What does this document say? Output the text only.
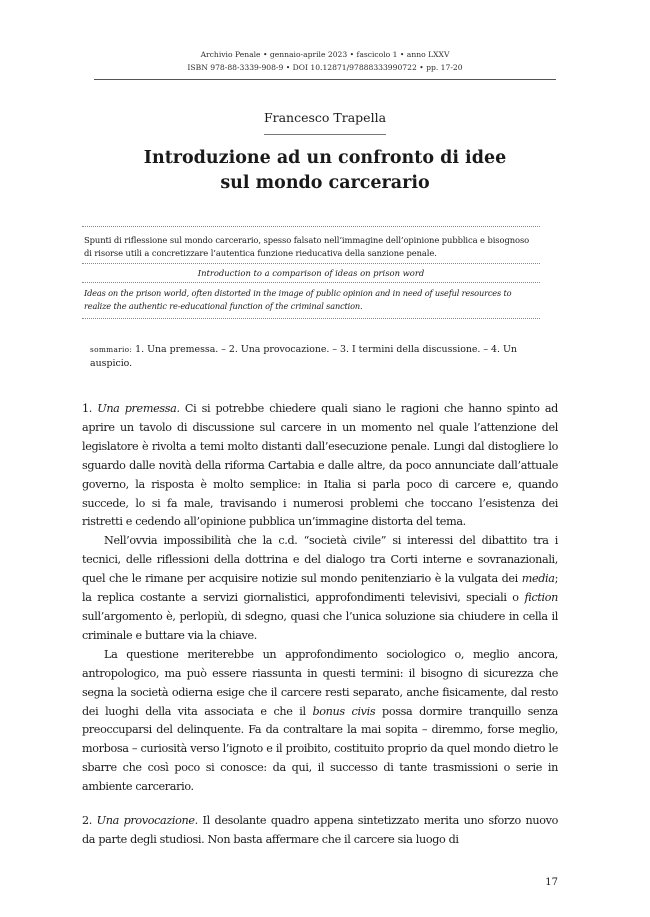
Archivio Penale • gennaio-aprile 2023 • fascicolo 1 • anno LXXV
ISBN 978-88-3339-908-9 • DOI 10.12871/97888333990722 • pp. 17-20
Francesco Trapella
Introduzione ad un confronto di idee
sul mondo carcerario
Spunti di riflessione sul mondo carcerario, spesso falsato nell’immagine dell’opinione pubblica e bisognoso di risorse utili a concretizzare l’autentica funzione rieducativa della sanzione penale.
Introduction to a comparison of ideas on prison word
Ideas on the prison world, often distorted in the image of public opinion and in need of useful resources to realize the authentic re-educational function of the criminal sanction.
sommario: 1. Una premessa. – 2. Una provocazione. – 3. I termini della discussione. – 4. Un auspicio.

1. Una premessa. Ci si potrebbe chiedere quali siano le ragioni che hanno spinto ad aprire un tavolo di discussione sul carcere in un momento nel quale l’attenzione del legislatore è rivolta a temi molto distanti dall’esecuzione penale. Lungi dal distogliere lo sguardo dalle novità della riforma Cartabia e dalle altre, da poco annunciate dall’attuale governo, la risposta è molto semplice: in Italia si parla poco di carcere e, quando succede, lo si fa male, travisando i numerosi problemi che toccano l’esistenza dei ristretti e cedendo all’opinione pubblica un’immagine distorta del tema.

Nell’ovvia impossibilità che la c.d. “società civile” si interessi del dibattito tra i tecnici, delle riflessioni della dottrina e del dialogo tra Corti interne e sovranazionali, quel che le rimane per acquisire notizie sul mondo penitenziario è la vulgata dei media; la replica costante a servizi giornalistici, approfondimenti televisivi, speciali o fiction sull’argomento è, perlopiù, di sdegno, quasi che l’unica soluzione sia chiudere in cella il criminale e buttare via la chiave.

La questione meriterebbe un approfondimento sociologico o, meglio ancora, antropologico, ma può essere riassunta in questi termini: il bisogno di sicurezza che segna la società odierna esige che il carcere resti separato, anche fisicamente, dal resto dei luoghi della vita associata e che il bonus civis possa dormire tranquillo senza preoccuparsi del delinquente. Fa da contraltare la mai sopita – diremmo, forse meglio, morbosa – curiosità verso l’ignoto e il proibito, costituito proprio da quel mondo dietro le sbarre che così poco si conosce: da qui, il successo di tante trasmissioni o serie in ambiente carcerario.

2. Una provocazione. Il desolante quadro appena sintetizzato merita uno sforzo nuovo da parte degli studiosi. Non basta affermare che il carcere sia luogo di

17
